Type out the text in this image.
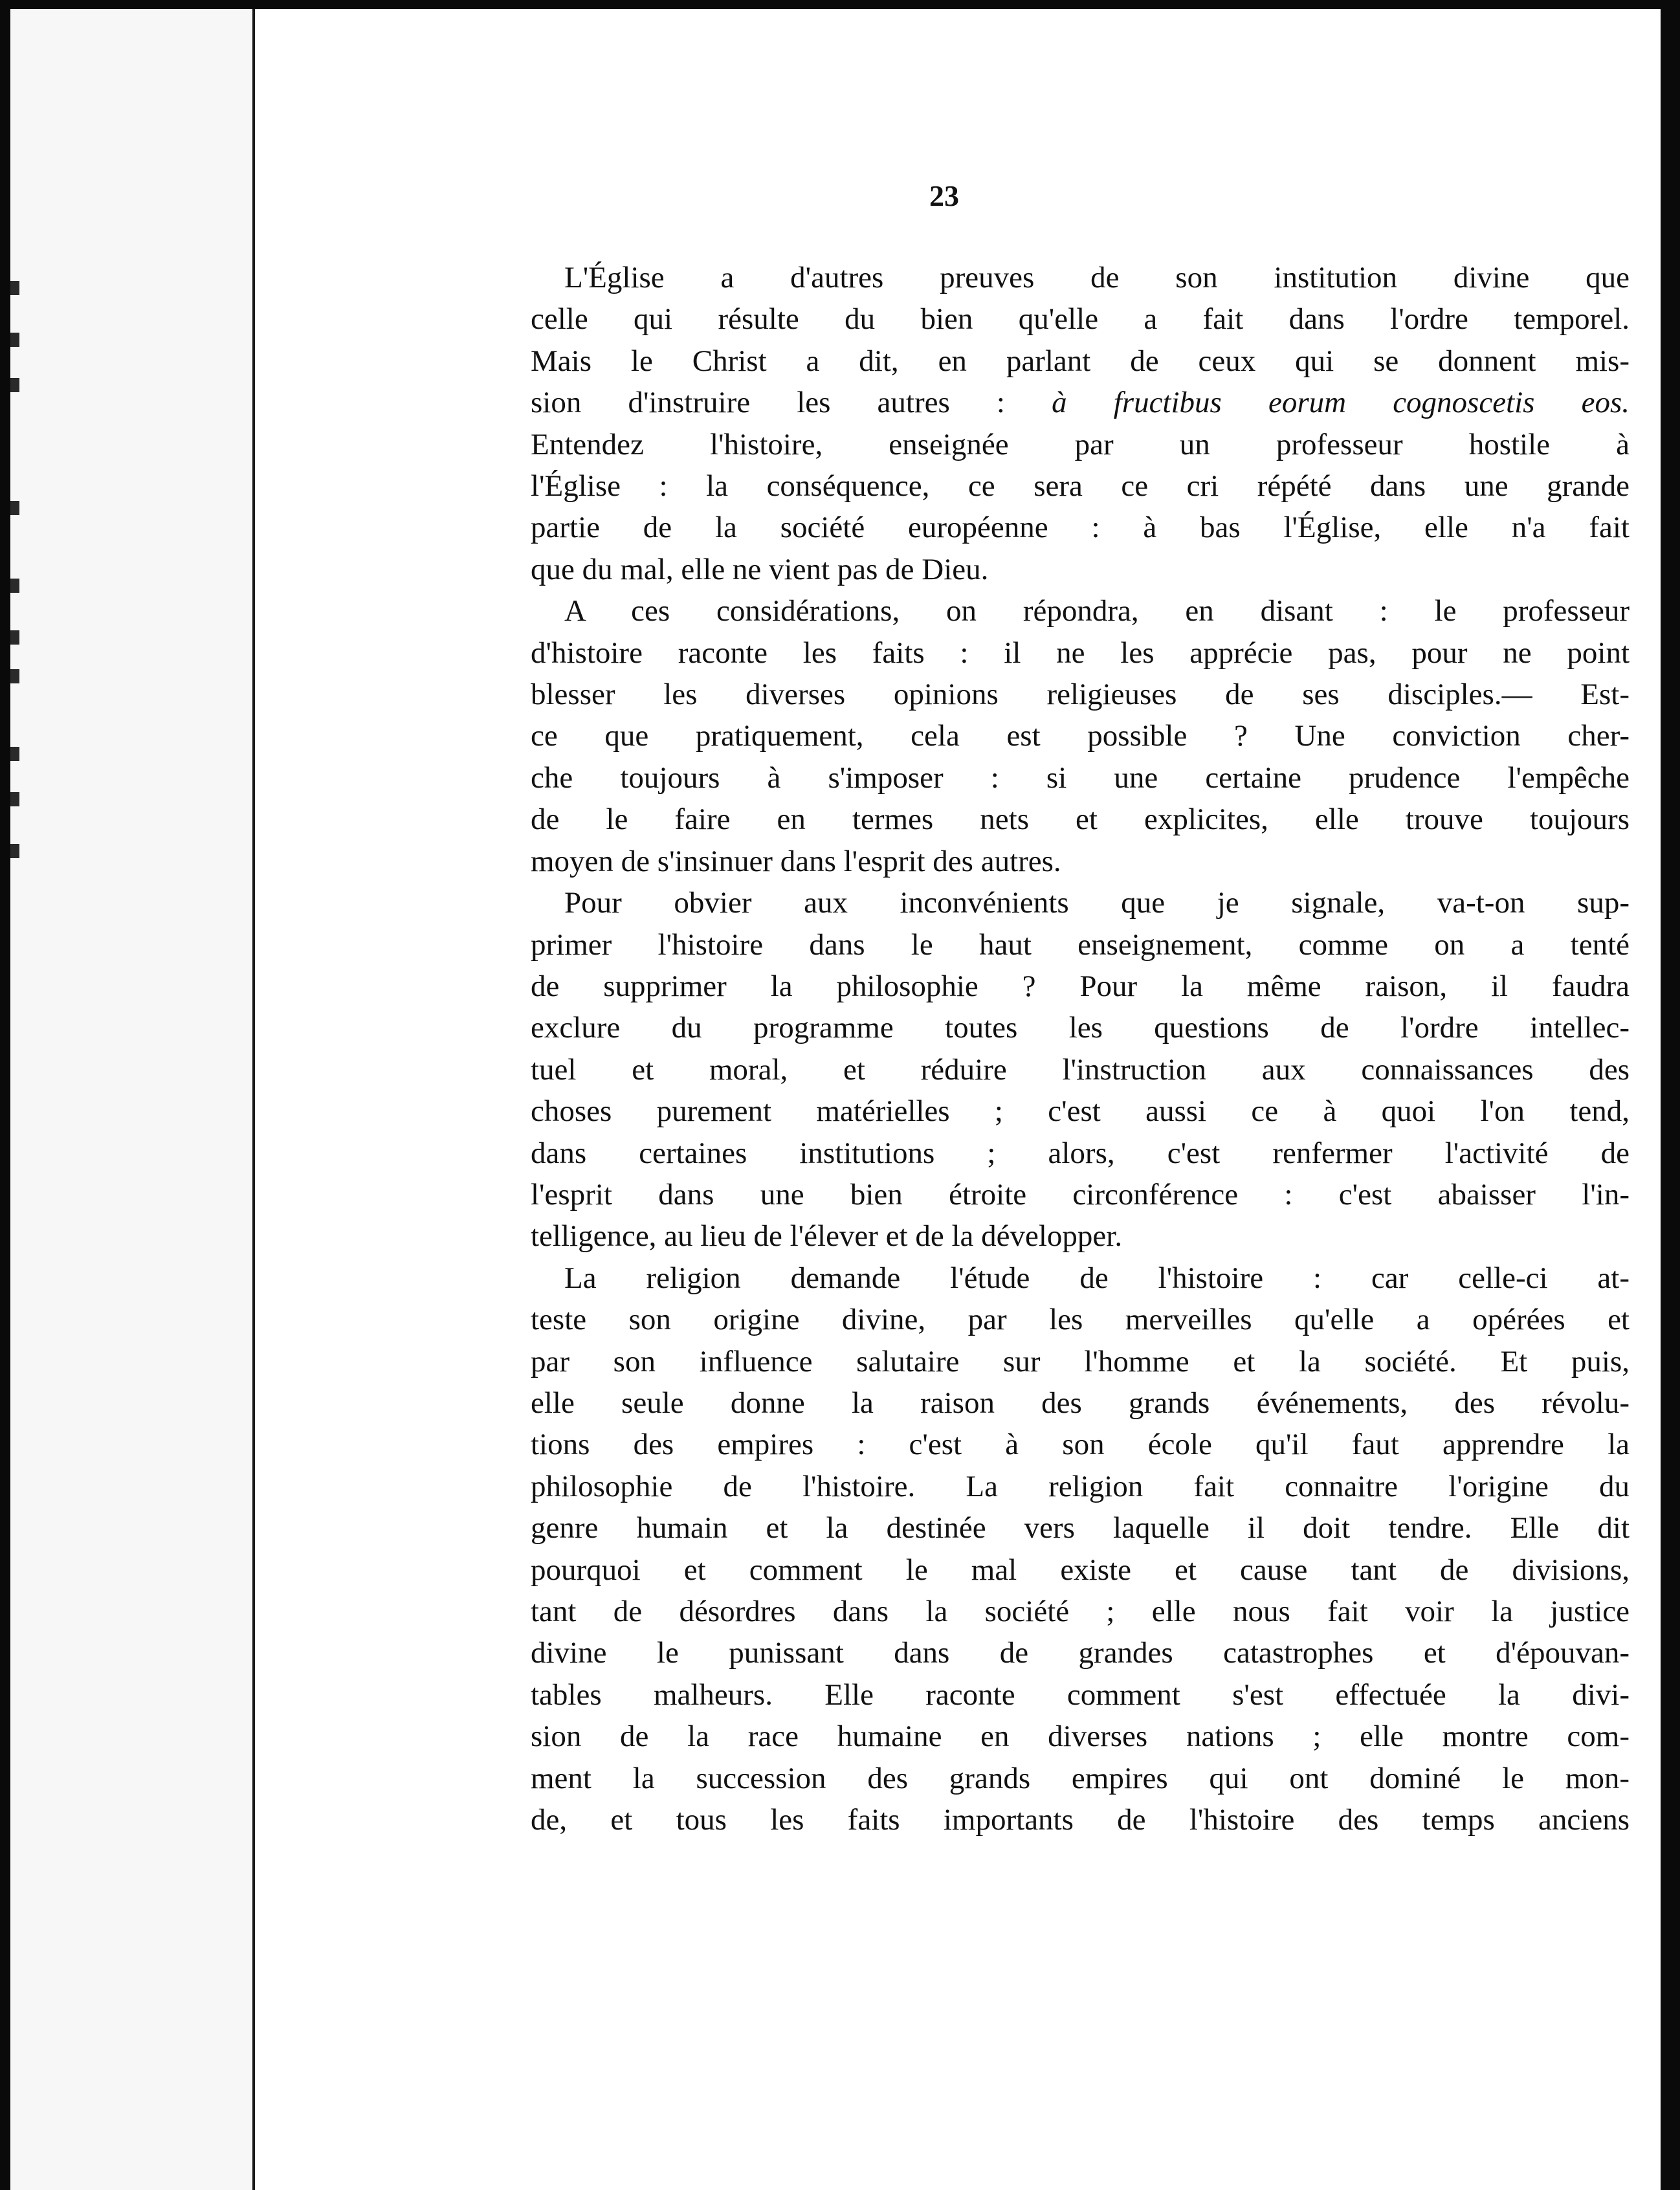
23
L'Église a d'autres preuves de son institution divine que
celle qui résulte du bien qu'elle a fait dans l'ordre temporel.
Mais le Christ a dit, en parlant de ceux qui se donnent mis-
sion d'instruire les autres : à fructibus eorum cognoscetis eos.
Entendez l'histoire, enseignée par un professeur hostile à
l'Église : la conséquence, ce sera ce cri répété dans une grande
partie de la société européenne : à bas l'Église, elle n'a fait
que du mal, elle ne vient pas de Dieu.
A ces considérations, on répondra, en disant : le professeur
d'histoire raconte les faits : il ne les apprécie pas, pour ne point
blesser les diverses opinions religieuses de ses disciples.— Est-
ce que pratiquement, cela est possible ? Une conviction cher-
che toujours à s'imposer : si une certaine prudence l'empêche
de le faire en termes nets et explicites, elle trouve toujours
moyen de s'insinuer dans l'esprit des autres.
Pour obvier aux inconvénients que je signale, va-t-on sup-
primer l'histoire dans le haut enseignement, comme on a tenté
de supprimer la philosophie ? Pour la même raison, il faudra
exclure du programme toutes les questions de l'ordre intellec-
tuel et moral, et réduire l'instruction aux connaissances des
choses purement matérielles ; c'est aussi ce à quoi l'on tend,
dans certaines institutions ; alors, c'est renfermer l'activité de
l'esprit dans une bien étroite circonférence : c'est abaisser l'in-
telligence, au lieu de l'élever et de la développer.
La religion demande l'étude de l'histoire : car celle-ci at-
teste son origine divine, par les merveilles qu'elle a opérées et
par son influence salutaire sur l'homme et la société. Et puis,
elle seule donne la raison des grands événements, des révolu-
tions des empires : c'est à son école qu'il faut apprendre la
philosophie de l'histoire. La religion fait connaitre l'origine du
genre humain et la destinée vers laquelle il doit tendre. Elle dit
pourquoi et comment le mal existe et cause tant de divisions,
tant de désordres dans la société ; elle nous fait voir la justice
divine le punissant dans de grandes catastrophes et d'épouvan-
tables malheurs. Elle raconte comment s'est effectuée la divi-
sion de la race humaine en diverses nations ; elle montre com-
ment la succession des grands empires qui ont dominé le mon-
de, et tous les faits importants de l'histoire des temps anciens
